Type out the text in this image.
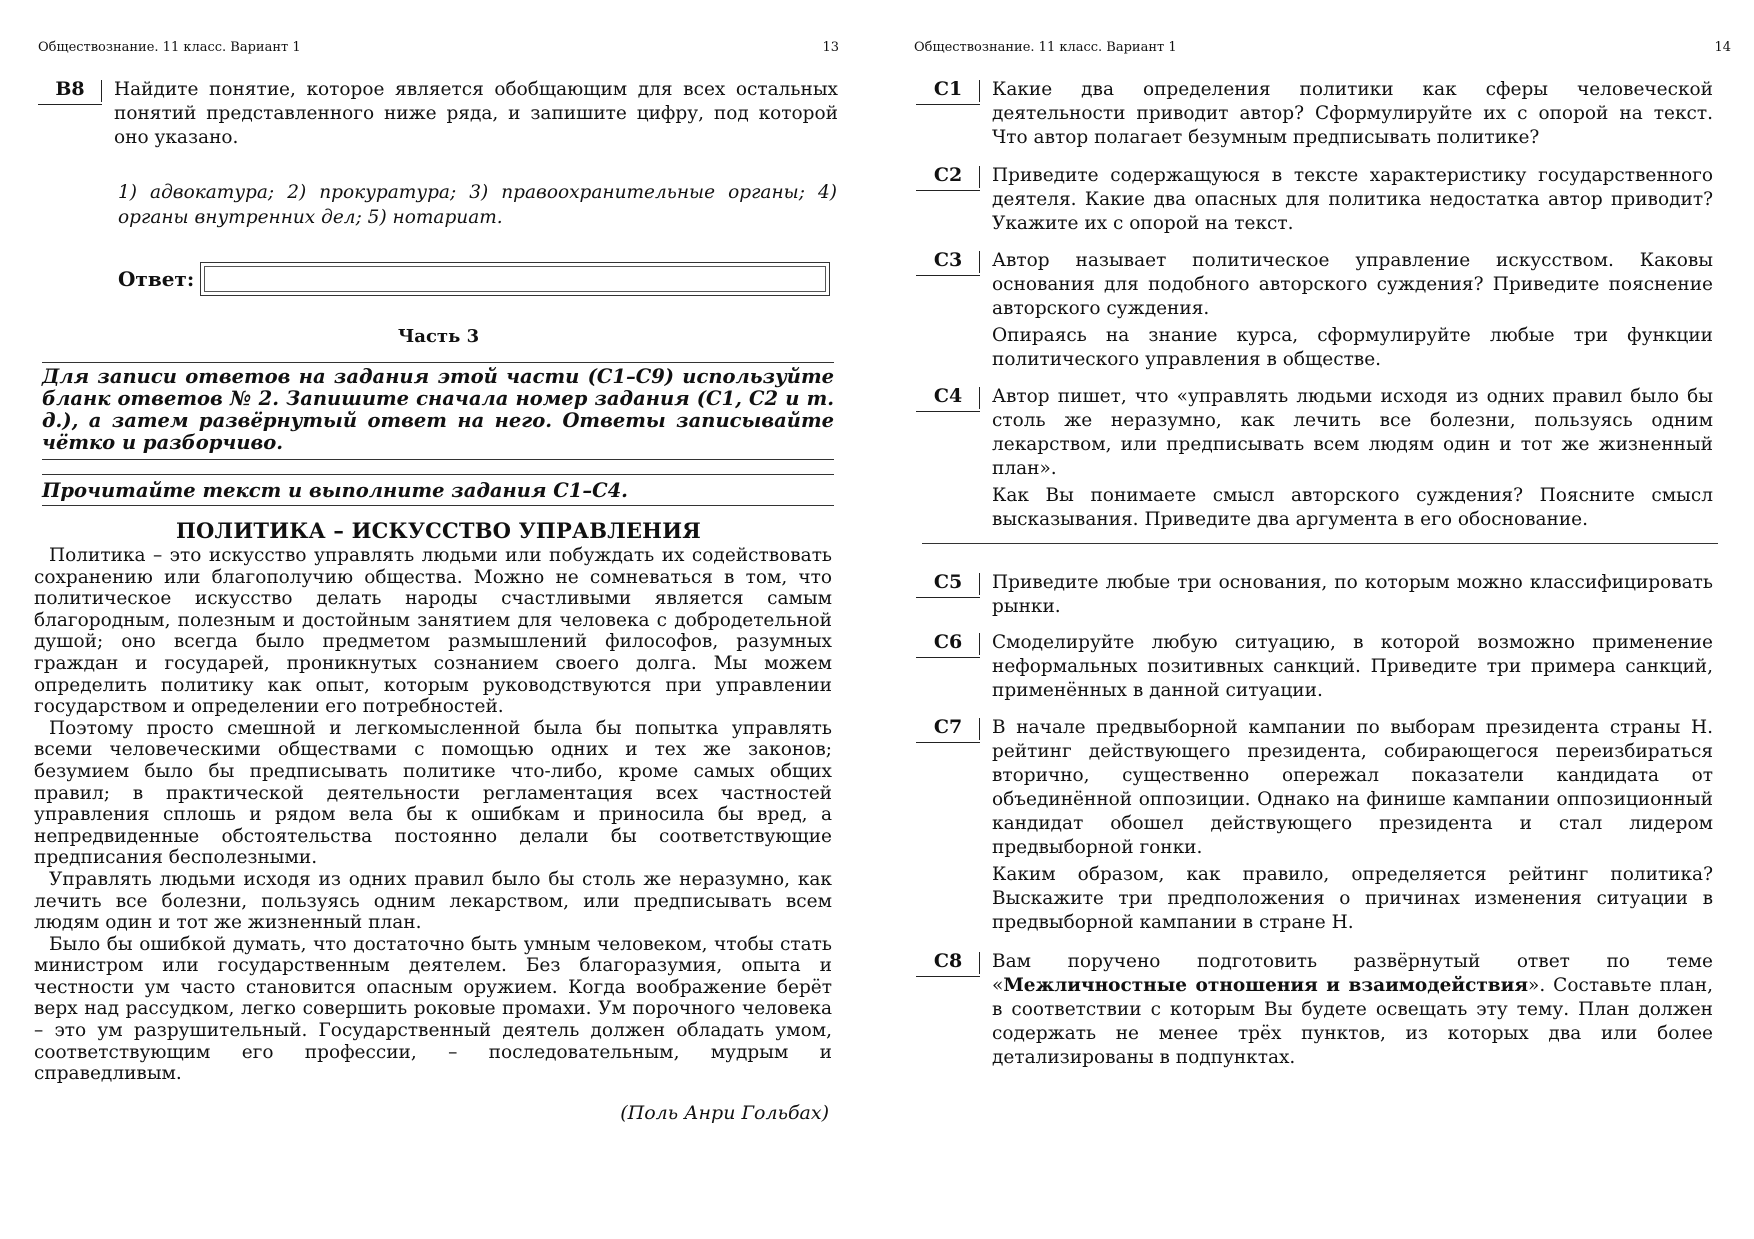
Обществознание. 11 класс. Вариант 1	13
B8	Найдите понятие, которое является обобщающим для всех остальных понятий представленного ниже ряда, и запишите цифру, под которой оно указано.

1) адвокатура; 2) прокуратура; 3) правоохранительные органы; 4) органы внутренних дел; 5) нотариат.
Ответ:
Часть 3
Для записи ответов на задания этой части (С1–С9) используйте бланк ответов № 2. Запишите сначала номер задания (С1, С2 и т. д.), а затем развёрнутый ответ на него. Ответы записывайте чётко и разборчиво.
Прочитайте текст и выполните задания С1–С4.
ПОЛИТИКА – ИСКУССТВО УПРАВЛЕНИЯ

Политика – это искусство управлять людьми или побуждать их содействовать сохранению или благополучию общества. Можно не сомневаться в том, что политическое искусство делать народы счастливыми является самым благородным, полезным и достойным занятием для человека с добродетельной душой; оно всегда было предметом размышлений философов, разумных граждан и государей, проникнутых сознанием своего долга. Мы можем определить политику как опыт, которым руководствуются при управлении государством и определении его потребностей.

Поэтому просто смешной и легкомысленной была бы попытка управлять всеми человеческими обществами с помощью одних и тех же законов; безумием было бы предписывать политике что-либо, кроме самых общих правил; в практической деятельности регламентация всех частностей управления сплошь и рядом вела бы к ошибкам и приносила бы вред, а непредвиденные обстоятельства постоянно делали бы соответствующие предписания бесполезными.

Управлять людьми исходя из одних правил было бы столь же неразумно, как лечить все болезни, пользуясь одним лекарством, или предписывать всем людям один и тот же жизненный план.

Было бы ошибкой думать, что достаточно быть умным человеком, чтобы стать министром или государственным деятелем. Без благоразумия, опыта и честности ум часто становится опасным оружием. Когда воображение берёт верх над рассудком, легко совершить роковые промахи. Ум порочного человека – это ум разрушительный. Государственный деятель должен обладать умом, соответствующим его профессии, – последовательным, мудрым и справедливым.

(Поль Анри Гольбах)
Обществознание. 11 класс. Вариант 1	14
C1	Какие два определения политики как сферы человеческой деятельности приводит автор? Сформулируйте их с опорой на текст. Что автор полагает безумным предписывать политике?

C2	Приведите содержащуюся в тексте характеристику государственного деятеля. Какие два опасных для политика недостатка автор приводит? Укажите их с опорой на текст.

C3	Автор называет политическое управление искусством. Каковы основания для подобного авторского суждения? Приведите пояснение авторского суждения.

Опираясь на знание курса, сформулируйте любые три функции политического управления в обществе.

C4	Автор пишет, что «управлять людьми исходя из одних правил было бы столь же неразумно, как лечить все болезни, пользуясь одним лекарством, или предписывать всем людям один и тот же жизненный план».

Как Вы понимаете смысл авторского суждения? Поясните смысл высказывания. Приведите два аргумента в его обоснование.

C5	Приведите любые три основания, по которым можно классифицировать рынки.

C6	Смоделируйте любую ситуацию, в которой возможно применение неформальных позитивных санкций. Приведите три примера санкций, применённых в данной ситуации.

C7	В начале предвыборной кампании по выборам президента страны Н. рейтинг действующего президента, собирающегося переизбираться вторично, существенно опережал показатели кандидата от объединённой оппозиции. Однако на финише кампании оппозиционный кандидат обошел действующего президента и стал лидером предвыборной гонки.

Каким образом, как правило, определяется рейтинг политика? Выскажите три предположения о причинах изменения ситуации в предвыборной кампании в стране Н.

C8	Вам поручено подготовить развёрнутый ответ по теме «Межличностные отношения и взаимодействия». Составьте план, в соответствии с которым Вы будете освещать эту тему. План должен содержать не менее трёх пунктов, из которых два или более детализированы в подпунктах.
